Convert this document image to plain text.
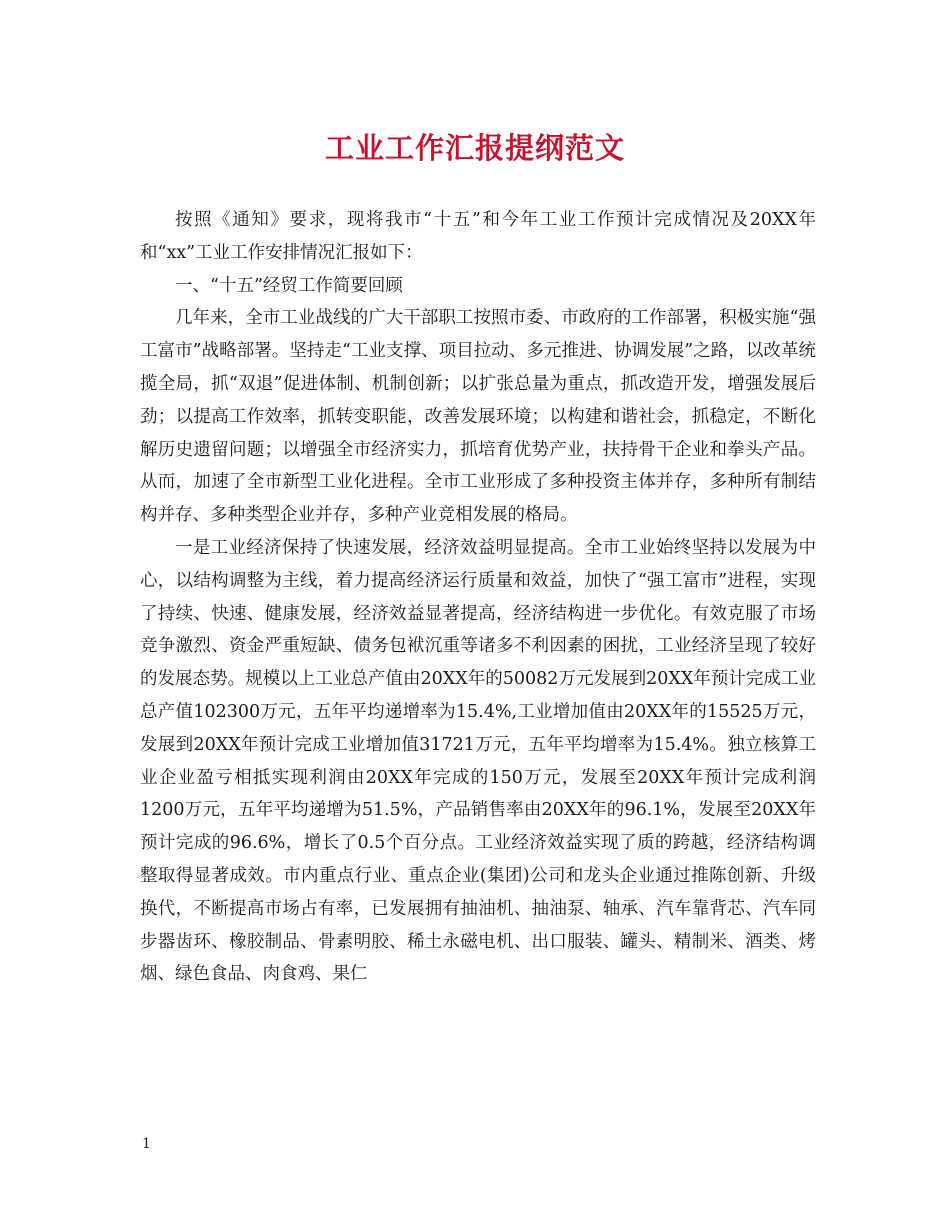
工业工作汇报提纲范文

按照《通知》要求，现将我市“十五”和今年工业工作预计完成情况及20XX年和“xx”工业工作安排情况汇报如下：

一、“十五”经贸工作简要回顾

几年来，全市工业战线的广大干部职工按照市委、市政府的工作部署，积极实施“强工富市”战略部署。坚持走“工业支撑、项目拉动、多元推进、协调发展”之路，以改革统揽全局，抓“双退”促进体制、机制创新；以扩张总量为重点，抓改造开发，增强发展后劲；以提高工作效率，抓转变职能，改善发展环境；以构建和谐社会，抓稳定，不断化解历史遗留问题；以增强全市经济实力，抓培育优势产业，扶持骨干企业和拳头产品。从而，加速了全市新型工业化进程。全市工业形成了多种投资主体并存，多种所有制结构并存、多种类型企业并存，多种产业竞相发展的格局。

一是工业经济保持了快速发展，经济效益明显提高。全市工业始终坚持以发展为中心，以结构调整为主线，着力提高经济运行质量和效益，加快了“强工富市”进程，实现了持续、快速、健康发展，经济效益显著提高，经济结构进一步优化。有效克服了市场竞争激烈、资金严重短缺、债务包袱沉重等诸多不利因素的困扰，工业经济呈现了较好的发展态势。规模以上工业总产值由20XX年的50082万元发展到20XX年预计完成工业总产值102300万元，五年平均递增率为15.4%,工业增加值由20XX年的15525万元，发展到20XX年预计完成工业增加值31721万元，五年平均增率为15.4%。独立核算工业企业盈亏相抵实现利润由20XX年完成的150万元，发展至20XX年预计完成利润1200万元，五年平均递增为51.5%，产品销售率由20XX年的96.1%，发展至20XX年预计完成的96.6%，增长了0.5个百分点。工业经济效益实现了质的跨越，经济结构调整取得显著成效。市内重点行业、重点企业(集团)公司和龙头企业通过推陈创新、升级换代，不断提高市场占有率，已发展拥有抽油机、抽油泵、轴承、汽车靠背芯、汽车同步器齿环、橡胶制品、骨素明胶、稀土永磁电机、出口服装、罐头、精制米、酒类、烤烟、绿色食品、肉食鸡、果仁

1
